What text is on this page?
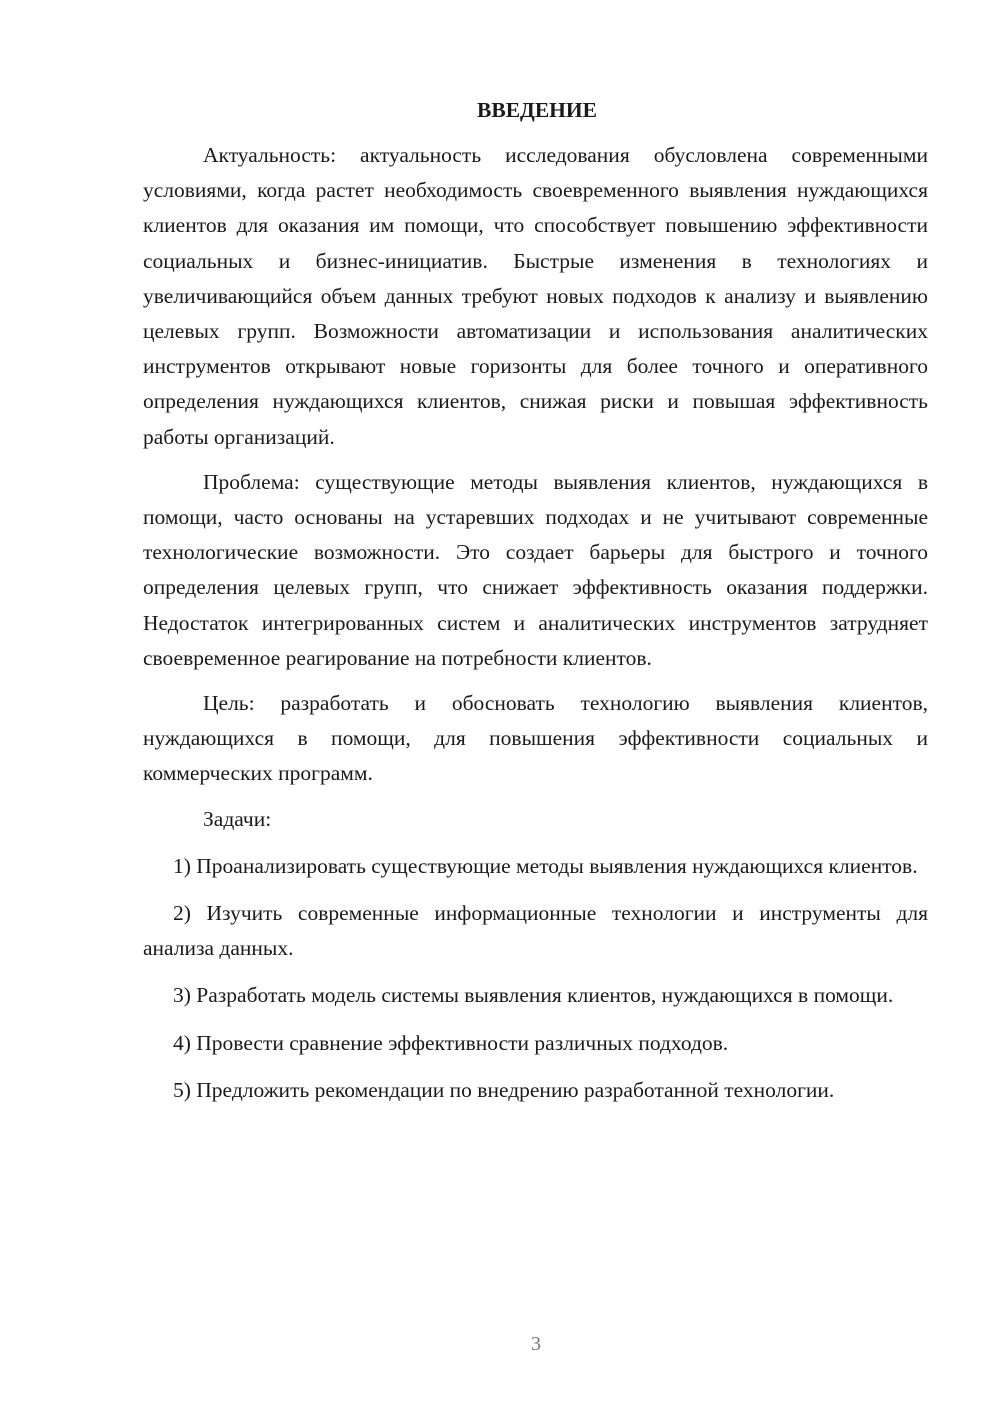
ВВЕДЕНИЕ

Актуальность: актуальность исследования обусловлена современными условиями, когда растет необходимость своевременного выявления нуждающихся клиентов для оказания им помощи, что способствует повышению эффективности социальных и бизнес-инициатив. Быстрые изменения в технологиях и увеличивающийся объем данных требуют новых подходов к анализу и выявлению целевых групп. Возможности автоматизации и использования аналитических инструментов открывают новые горизонты для более точного и оперативного определения нуждающихся клиентов, снижая риски и повышая эффективность работы организаций.

Проблема: существующие методы выявления клиентов, нуждающихся в помощи, часто основаны на устаревших подходах и не учитывают современные технологические возможности. Это создает барьеры для быстрого и точного определения целевых групп, что снижает эффективность оказания поддержки. Недостаток интегрированных систем и аналитических инструментов затрудняет своевременное реагирование на потребности клиентов.

Цель: разработать и обосновать технологию выявления клиентов, нуждающихся в помощи, для повышения эффективности социальных и коммерческих программ.

Задачи:

1) Проанализировать существующие методы выявления нуждающихся клиентов.

2) Изучить современные информационные технологии и инструменты для анализа данных.

3) Разработать модель системы выявления клиентов, нуждающихся в помощи.

4) Провести сравнение эффективности различных подходов.

5) Предложить рекомендации по внедрению разработанной технологии.

3
